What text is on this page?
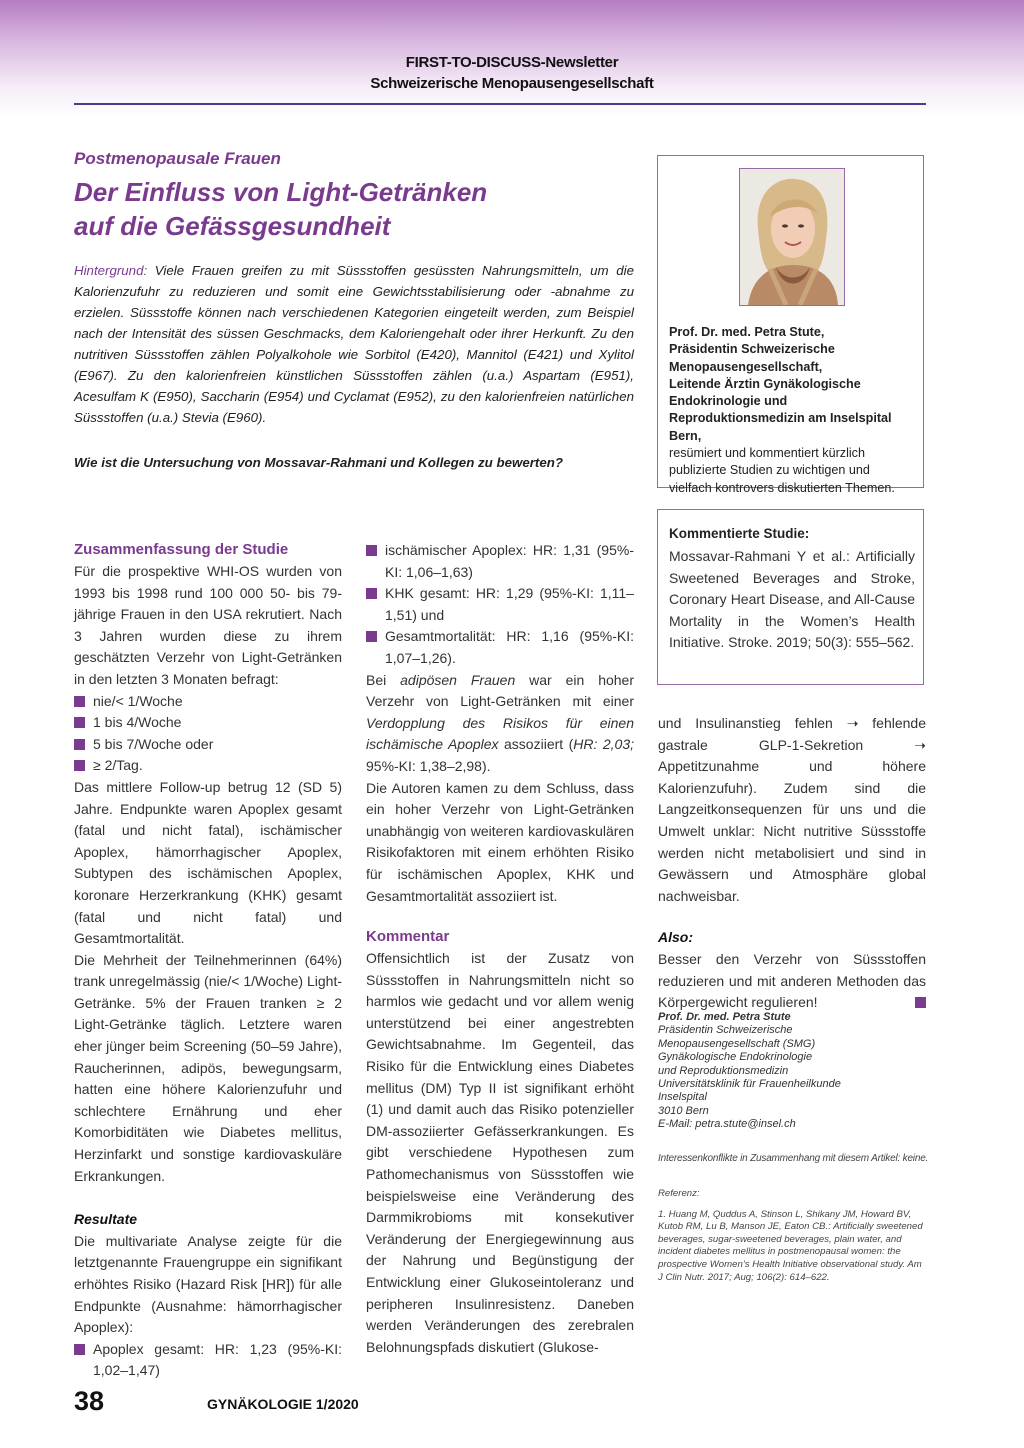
FIRST-TO-DISCUSS-Newsletter
Schweizerische Menopausengesellschaft
Postmenopausale Frauen
Der Einfluss von Light-Getränken
auf die Gefässgesundheit
Hintergrund: Viele Frauen greifen zu mit Süssstoffen gesüssten Nahrungsmitteln, um die Kalorienzufuhr zu reduzieren und somit eine Gewichtsstabilisierung oder -abnahme zu erzielen. Süssstoffe können nach verschiedenen Kategorien eingeteilt werden, zum Beispiel nach der Intensität des süssen Geschmacks, dem Kaloriengehalt oder ihrer Herkunft. Zu den nutritiven Süssstoffen zählen Polyalkohole wie Sorbitol (E420), Mannitol (E421) und Xylitol (E967). Zu den kalorienfreien künstlichen Süssstoffen zählen (u.a.) Aspartam (E951), Acesulfam K (E950), Saccharin (E954) und Cyclamat (E952), zu den kalorienfreien natürlichen Süssstoffen (u.a.) Stevia (E960).
Wie ist die Untersuchung von Mossavar-Rahmani und Kollegen zu bewerten?
Prof. Dr. med. Petra Stute,
Präsidentin Schweizerische Menopausengesellschaft,
Leitende Ärztin Gynäkologische Endokrinologie und Reproduktionsmedizin am Inselspital Bern,
resümiert und kommentiert kürzlich publizierte Studien zu wichtigen und vielfach kontrovers diskutierten Themen.
Kommentierte Studie:
Mossavar-Rahmani Y et al.: Artificially Sweetened Beverages and Stroke, Coronary Heart Disease, and All-Cause Mortality in the Women’s Health Initiative. Stroke. 2019; 50(3): 555–562.

Zusammenfassung der Studie

Für die prospektive WHI-OS wurden von 1993 bis 1998 rund 100 000 50- bis 79-jährige Frauen in den USA rekrutiert. Nach 3 Jahren wurden diese zu ihrem geschätzten Verzehr von Light-Getränken in den letzten 3 Monaten befragt:

nie/< 1/Woche

1 bis 4/Woche

5 bis 7/Woche oder

≥ 2/Tag.

Das mittlere Follow-up betrug 12 (SD 5) Jahre. Endpunkte waren Apoplex gesamt (fatal und nicht fatal), ischämischer Apoplex, hämorrhagischer Apoplex, Subtypen des ischämischen Apoplex, koronare Herzerkrankung (KHK) gesamt (fatal und nicht fatal) und Gesamtmortalität.

Die Mehrheit der Teilnehmerinnen (64%) trank unregelmässig (nie/< 1/Woche) Light-Getränke. 5% der Frauen tranken ≥ 2 Light-Getränke täglich. Letztere waren eher jünger beim Screening (50–59 Jahre), Raucherinnen, adipös, bewegungsarm, hatten eine höhere Kalorienzufuhr und schlechtere Ernährung und eher Komorbiditäten wie Diabetes mellitus, Herzinfarkt und sonstige kardiovaskuläre Erkrankungen.

Resultate

Die multivariate Analyse zeigte für die letztgenannte Frauengruppe ein signifikant erhöhtes Risiko (Hazard Risk [HR]) für alle Endpunkte (Ausnahme: hämorrhagischer Apoplex):

Apoplex gesamt: HR: 1,23 (95%-KI: 1,02–1,47)

ischämischer Apoplex: HR: 1,31 (95%-KI: 1,06–1,63)

KHK gesamt: HR: 1,29 (95%-KI: 1,11–1,51) und

Gesamtmortalität: HR: 1,16 (95%-KI: 1,07–1,26).

Bei adipösen Frauen war ein hoher Verzehr von Light-Getränken mit einer Verdopplung des Risikos für einen ischämische Apoplex assoziiert (HR: 2,03; 95%-KI: 1,38–2,98).

Die Autoren kamen zu dem Schluss, dass ein hoher Verzehr von Light-Getränken unabhängig von weiteren kardiovaskulären Risikofaktoren mit einem erhöhten Risiko für ischämischen Apoplex, KHK und Gesamtmortalität assoziiert ist.

Kommentar

Offensichtlich ist der Zusatz von Süssstoffen in Nahrungsmitteln nicht so harmlos wie gedacht und vor allem wenig unterstützend bei einer angestrebten Gewichtsabnahme. Im Gegenteil, das Risiko für die Entwicklung eines Diabetes mellitus (DM) Typ II ist signifikant erhöht (1) und damit auch das Risiko potenzieller DM-assoziierter Gefässerkrankungen. Es gibt verschiedene Hypothesen zum Pathomechanismus von Süssstoffen wie beispielsweise eine Veränderung des Darmmikrobioms mit konsekutiver Veränderung der Energiegewinnung aus der Nahrung und Begünstigung der Entwicklung einer Glukoseintoleranz und peripheren Insulinresistenz. Daneben werden Veränderungen des zerebralen Belohnungspfads diskutiert (Glukose-

und Insulinanstieg fehlen ➝ fehlende gastrale GLP-1-Sekretion ➝ Appetitzunahme und höhere Kalorienzufuhr). Zudem sind die Langzeitkonsequenzen für uns und die Umwelt unklar: Nicht nutritive Süssstoffe werden nicht metabolisiert und sind in Gewässern und Atmosphäre global nachweisbar.

Also:

Besser den Verzehr von Süssstoffen reduzieren und mit anderen Methoden das Körpergewicht regulieren!

Prof. Dr. med. Petra Stute
Präsidentin Schweizerische
Menopausengesellschaft (SMG)
Gynäkologische Endokrinologie
und Reproduktionsmedizin
Universitätsklinik für Frauenheilkunde
Inselspital
3010 Bern
E-Mail: petra.stute@insel.ch
Interessenkonflikte in Zusammenhang mit diesem Artikel: keine.
Referenz:
1. Huang M, Quddus A, Stinson L, Shikany JM, Howard BV, Kutob RM, Lu B, Manson JE, Eaton CB.: Artificially sweetened beverages, sugar-sweetened beverages, plain water, and incident diabetes mellitus in postmenopausal women: the prospective Women’s Health Initiative observational study. Am J Clin Nutr. 2017; Aug; 106(2): 614–622.
38	GYNÄKOLOGIE 1/2020
